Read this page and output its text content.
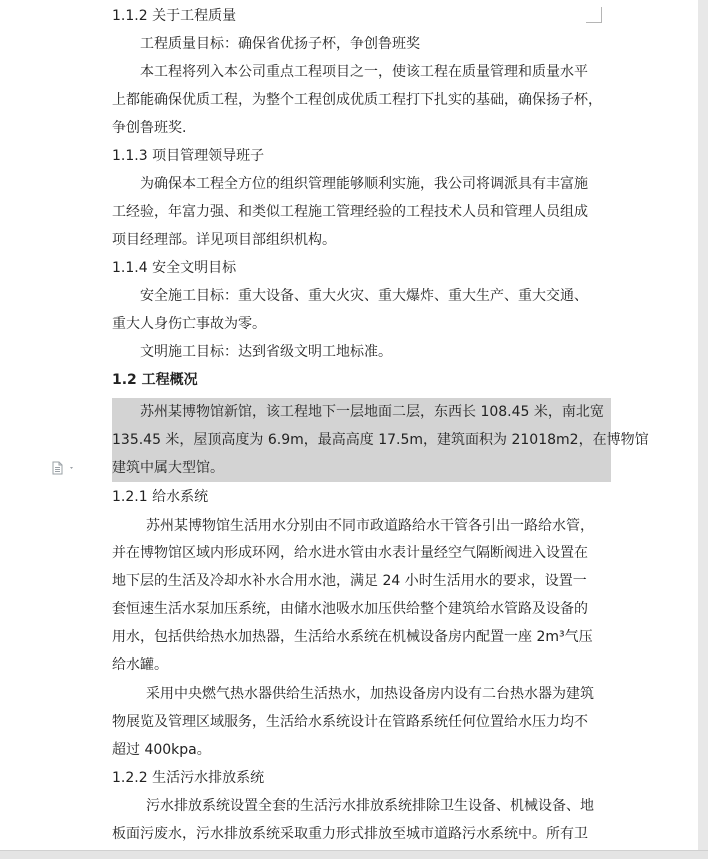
1.1.2 关于工程质量
工程质量目标：确保省优扬子杯，争创鲁班奖
本工程将列入本公司重点工程项目之一，使该工程在质量管理和质量水平
上都能确保优质工程，为整个工程创成优质工程打下扎实的基础，确保扬子杯，
争创鲁班奖.
1.1.3 项目管理领导班子
为确保本工程全方位的组织管理能够顺利实施，我公司将调派具有丰富施
工经验，年富力强、和类似工程施工管理经验的工程技术人员和管理人员组成
项目经理部。详见项目部组织机构。
1.1.4 安全文明目标
安全施工目标：重大设备、重大火灾、重大爆炸、重大生产、重大交通、
重大人身伤亡事故为零。
文明施工目标：达到省级文明工地标准。
1.2 工程概况
苏州某博物馆新馆，该工程地下一层地面二层，东西长 108.45 米，南北宽
135.45 米，屋顶高度为 6.9m，最高高度 17.5m，建筑面积为 21018m2，在博物馆
建筑中属大型馆。
1.2.1 给水系统
苏州某博物馆生活用水分别由不同市政道路给水干管各引出一路给水管，
并在博物馆区域内形成环网，给水进水管由水表计量经空气隔断阀进入设置在
地下层的生活及冷却水补水合用水池，满足 24 小时生活用水的要求，设置一
套恒速生活水泵加压系统，由储水池吸水加压供给整个建筑给水管路及设备的
用水，包括供给热水加热器，生活给水系统在机械设备房内配置一座 2m³气压
给水罐。
采用中央燃气热水器供给生活热水，加热设备房内设有二台热水器为建筑
物展览及管理区域服务，生活给水系统设计在管路系统任何位置给水压力均不
超过 400kpa。
1.2.2 生活污水排放系统
污水排放系统设置全套的生活污水排放系统排除卫生设备、机械设备、地
板面污废水，污水排放系统采取重力形式排放至城市道路污水系统中。所有卫
